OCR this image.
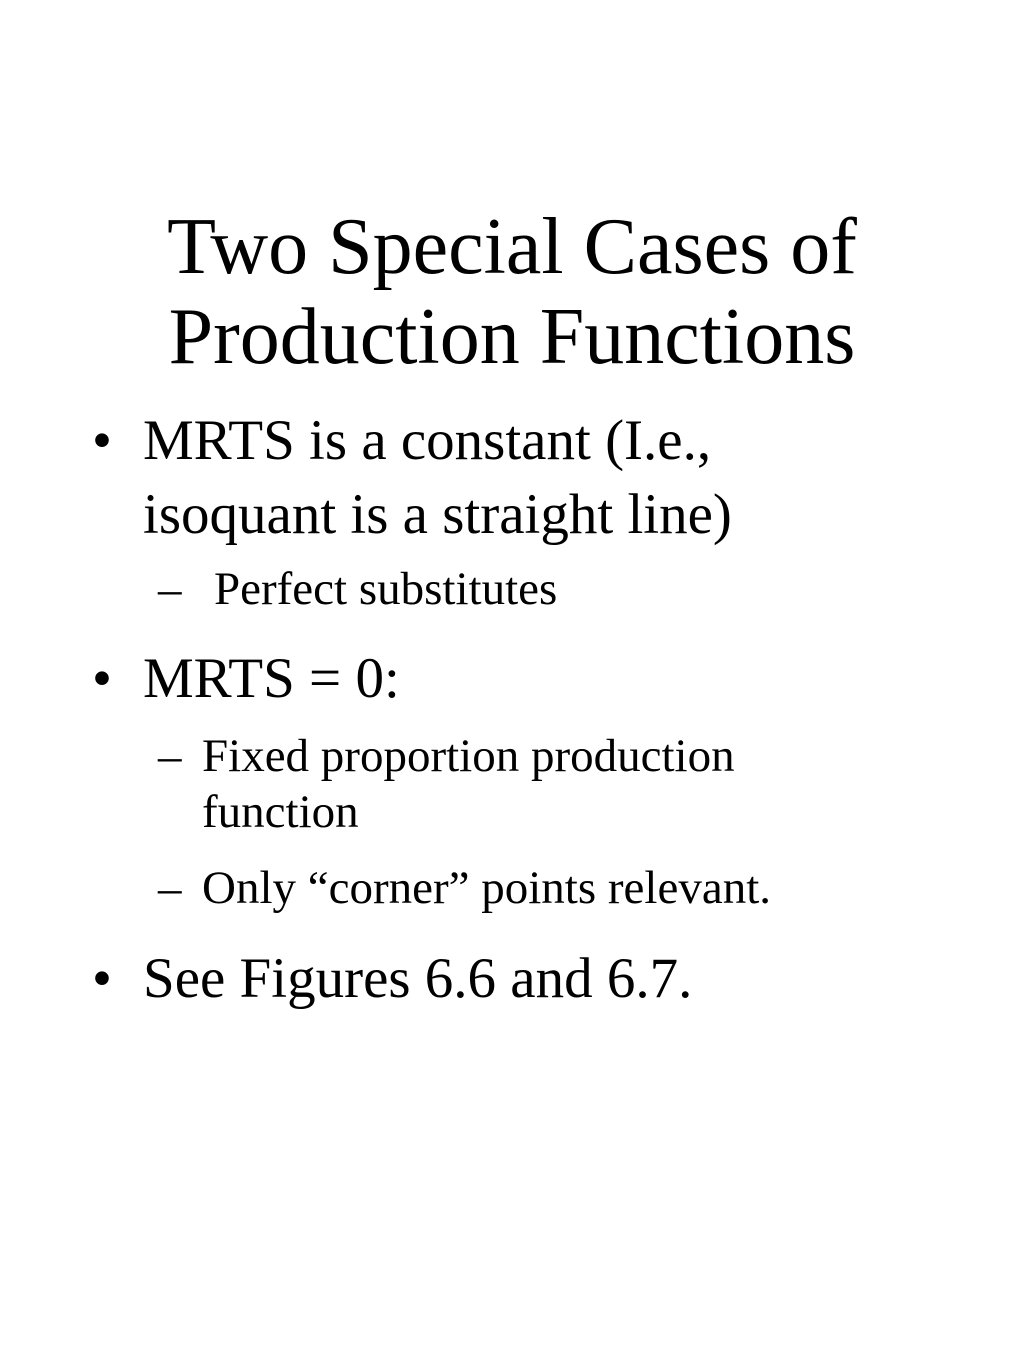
Two Special Cases of
Production Functions
• MRTS is a constant (I.e.,
isoquant is a straight line)
– Perfect substitutes
• MRTS = 0:
– Fixed proportion production
function
– Only “corner” points relevant.
• See Figures 6.6 and 6.7.
